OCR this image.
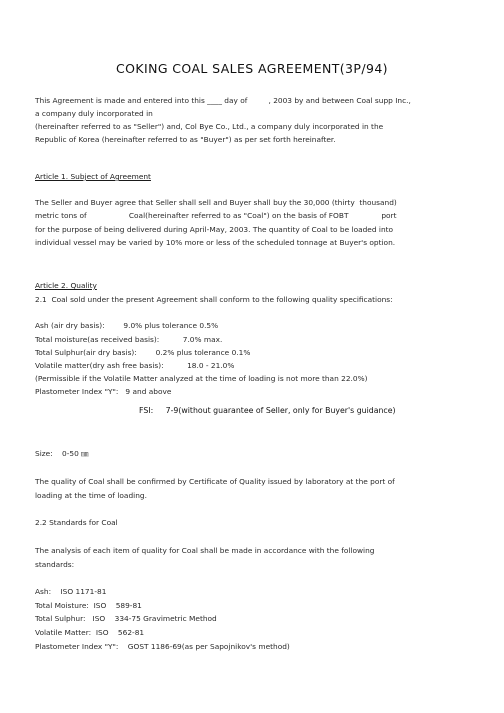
COKING COAL SALES AGREEMENT(3P/94)
This Agreement is made and entered into this ____ day of         , 2003 by and between Coal supp Inc.,
a company duly incorporated in
(hereinafter referred to as "Seller") and, Col Bye Co., Ltd., a company duly incorporated in the
Republic of Korea (hereinafter referred to as "Buyer") as per set forth hereinafter.
Article 1. Subject of Agreement
The Seller and Buyer agree that Seller shall sell and Buyer shall buy the 30,000 (thirty  thousand)
metric tons of                  Coal(hereinafter referred to as "Coal") on the basis of FOBT              port
for the purpose of being delivered during April-May, 2003. The quantity of Coal to be loaded into
individual vessel may be varied by 10% more or less of the scheduled tonnage at Buyer's option.
Article 2. Quality
2.1  Coal sold under the present Agreement shall conform to the following quality specifications:
Ash (air dry basis):        9.0% plus tolerance 0.5%
Total moisture(as received basis):          7.0% max.
Total Sulphur(air dry basis):        0.2% plus tolerance 0.1%
Volatile matter(dry ash free basis):          18.0 - 21.0%
(Permissible if the Volatile Matter analyzed at the time of loading is not more than 22.0%)
Plastometer Index "Y":   9 and above
FSI:     7-9(without guarantee of Seller, only for Buyer's guidance)
Size:    0-50 ㎜
The quality of Coal shall be confirmed by Certificate of Quality issued by laboratory at the port of
loading at the time of loading.
2.2 Standards for Coal
The analysis of each item of quality for Coal shall be made in accordance with the following
standards:
Ash:    ISO 1171-81
Total Moisture:  ISO    589-81
Total Sulphur:   ISO    334-75 Gravimetric Method
Volatile Matter:  ISO    562-81
Plastometer Index "Y":    GOST 1186-69(as per Sapojnikov's method)
